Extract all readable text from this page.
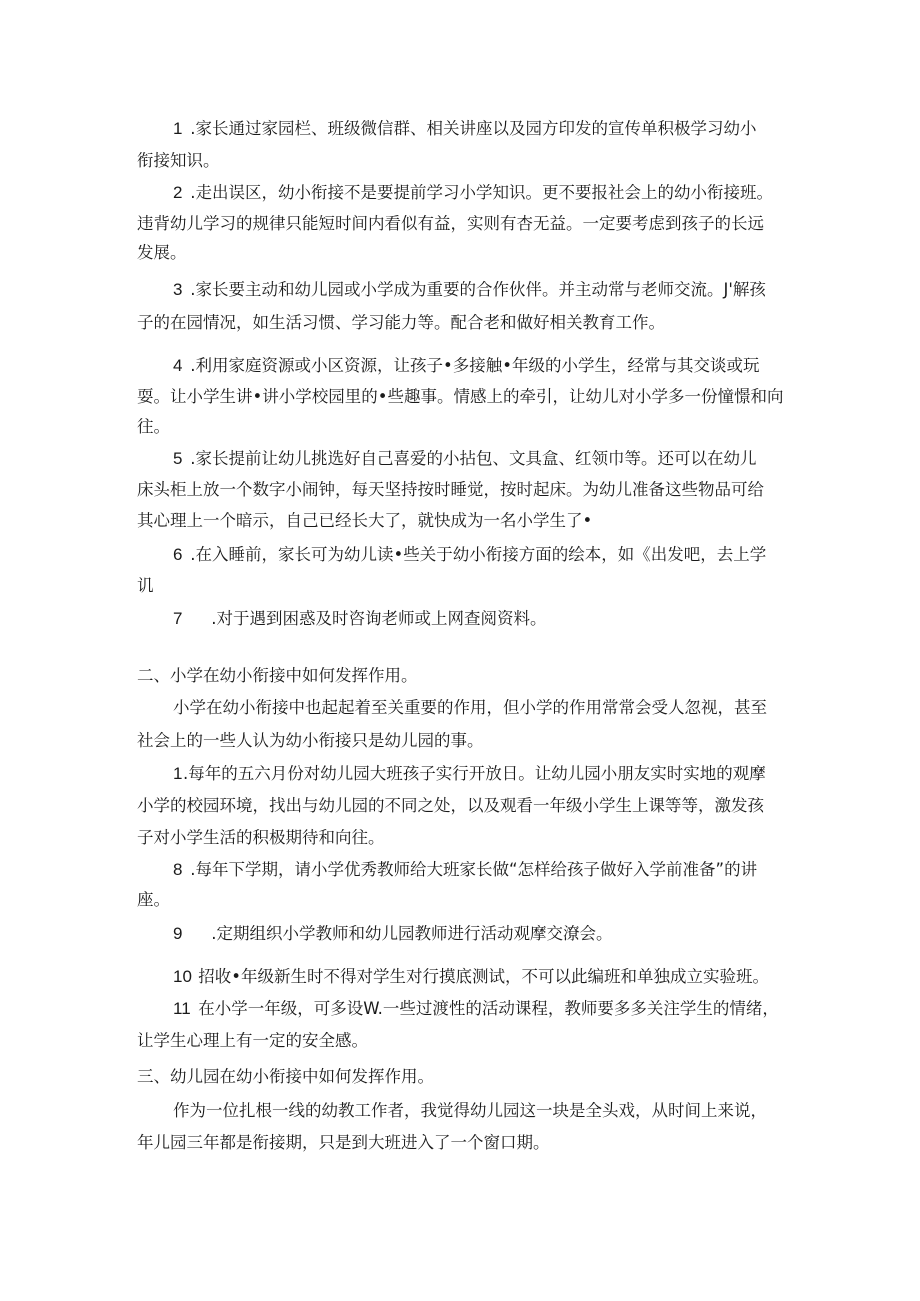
1 .家长通过家园栏、班级微信群、相关讲座以及园方印发的宣传单积极学习幼小
衔接知识。
2 .走出误区，幼小衔接不是要提前学习小学知识。更不要报社会上的幼小衔接班。
违背幼儿学习的规律只能短时间内看似有益，实则有杏无益。一定要考虑到孩子的长远
发展。
3 .家长要主动和幼儿园或小学成为重要的合作伙伴。并主动常与老师交流。J'解孩
子的在园情况，如生活习惯、学习能力等。配合老和做好相关教育工作。
4 .利用家庭资源或小区资源，让孩子•多接触•年级的小学生，经常与其交谈或玩
耍。让小学生讲•讲小学校园里的•些趣事。情感上的牵引，让幼儿对小学多一份憧憬和向
往。
5 .家长提前让幼儿挑选好自己喜爱的小拈包、文具盒、红领巾等。还可以在幼儿
床头柜上放一个数字小闹钟，每天坚持按时睡觉，按时起床。为幼儿准备这些物品可给
其心理上一个暗示，自己已经长大了，就快成为一名小学生了•
6 .在入睡前，家长可为幼儿读•些关于幼小衔接方面的绘本，如《出发吧，去上学
讥
7 .对于遇到困惑及时咨询老师或上网查阅资料。
二、小学在幼小衔接中如何发挥作用。
小学在幼小衔接中也起起着至关重要的作用，但小学的作用常常会受人忽视，甚至
社会上的一些人认为幼小衔接只是幼儿园的事。
1 .每年的五六月份对幼儿园大班孩子实行开放日。让幼儿园小朋友实时实地的观摩
小学的校园环境，找出与幼儿园的不同之处，以及观看一年级小学生上课等等，激发孩
子对小学生活的积极期待和向往。
8 .每年下学期，请小学优秀教师给大班家长做“怎样给孩子做好入学前准备”的讲
座。
9 .定期组织小学教师和幼儿园教师进行活动观摩交潦会。
10 招收•年级新生时不得对学生对行摸底测试，不可以此编班和单独成立实验班。
11 在小学一年级，可多设W.一些过渡性的活动课程，教师要多多关注学生的情绪，
让学生心理上有一定的安全感。
三、幼儿园在幼小衔接中如何发挥作用。
作为一位扎根一线的幼教工作者，我觉得幼儿园这一块是全头戏，从时间上来说，
年儿园三年都是衔接期，只是到大班进入了一个窗口期。
